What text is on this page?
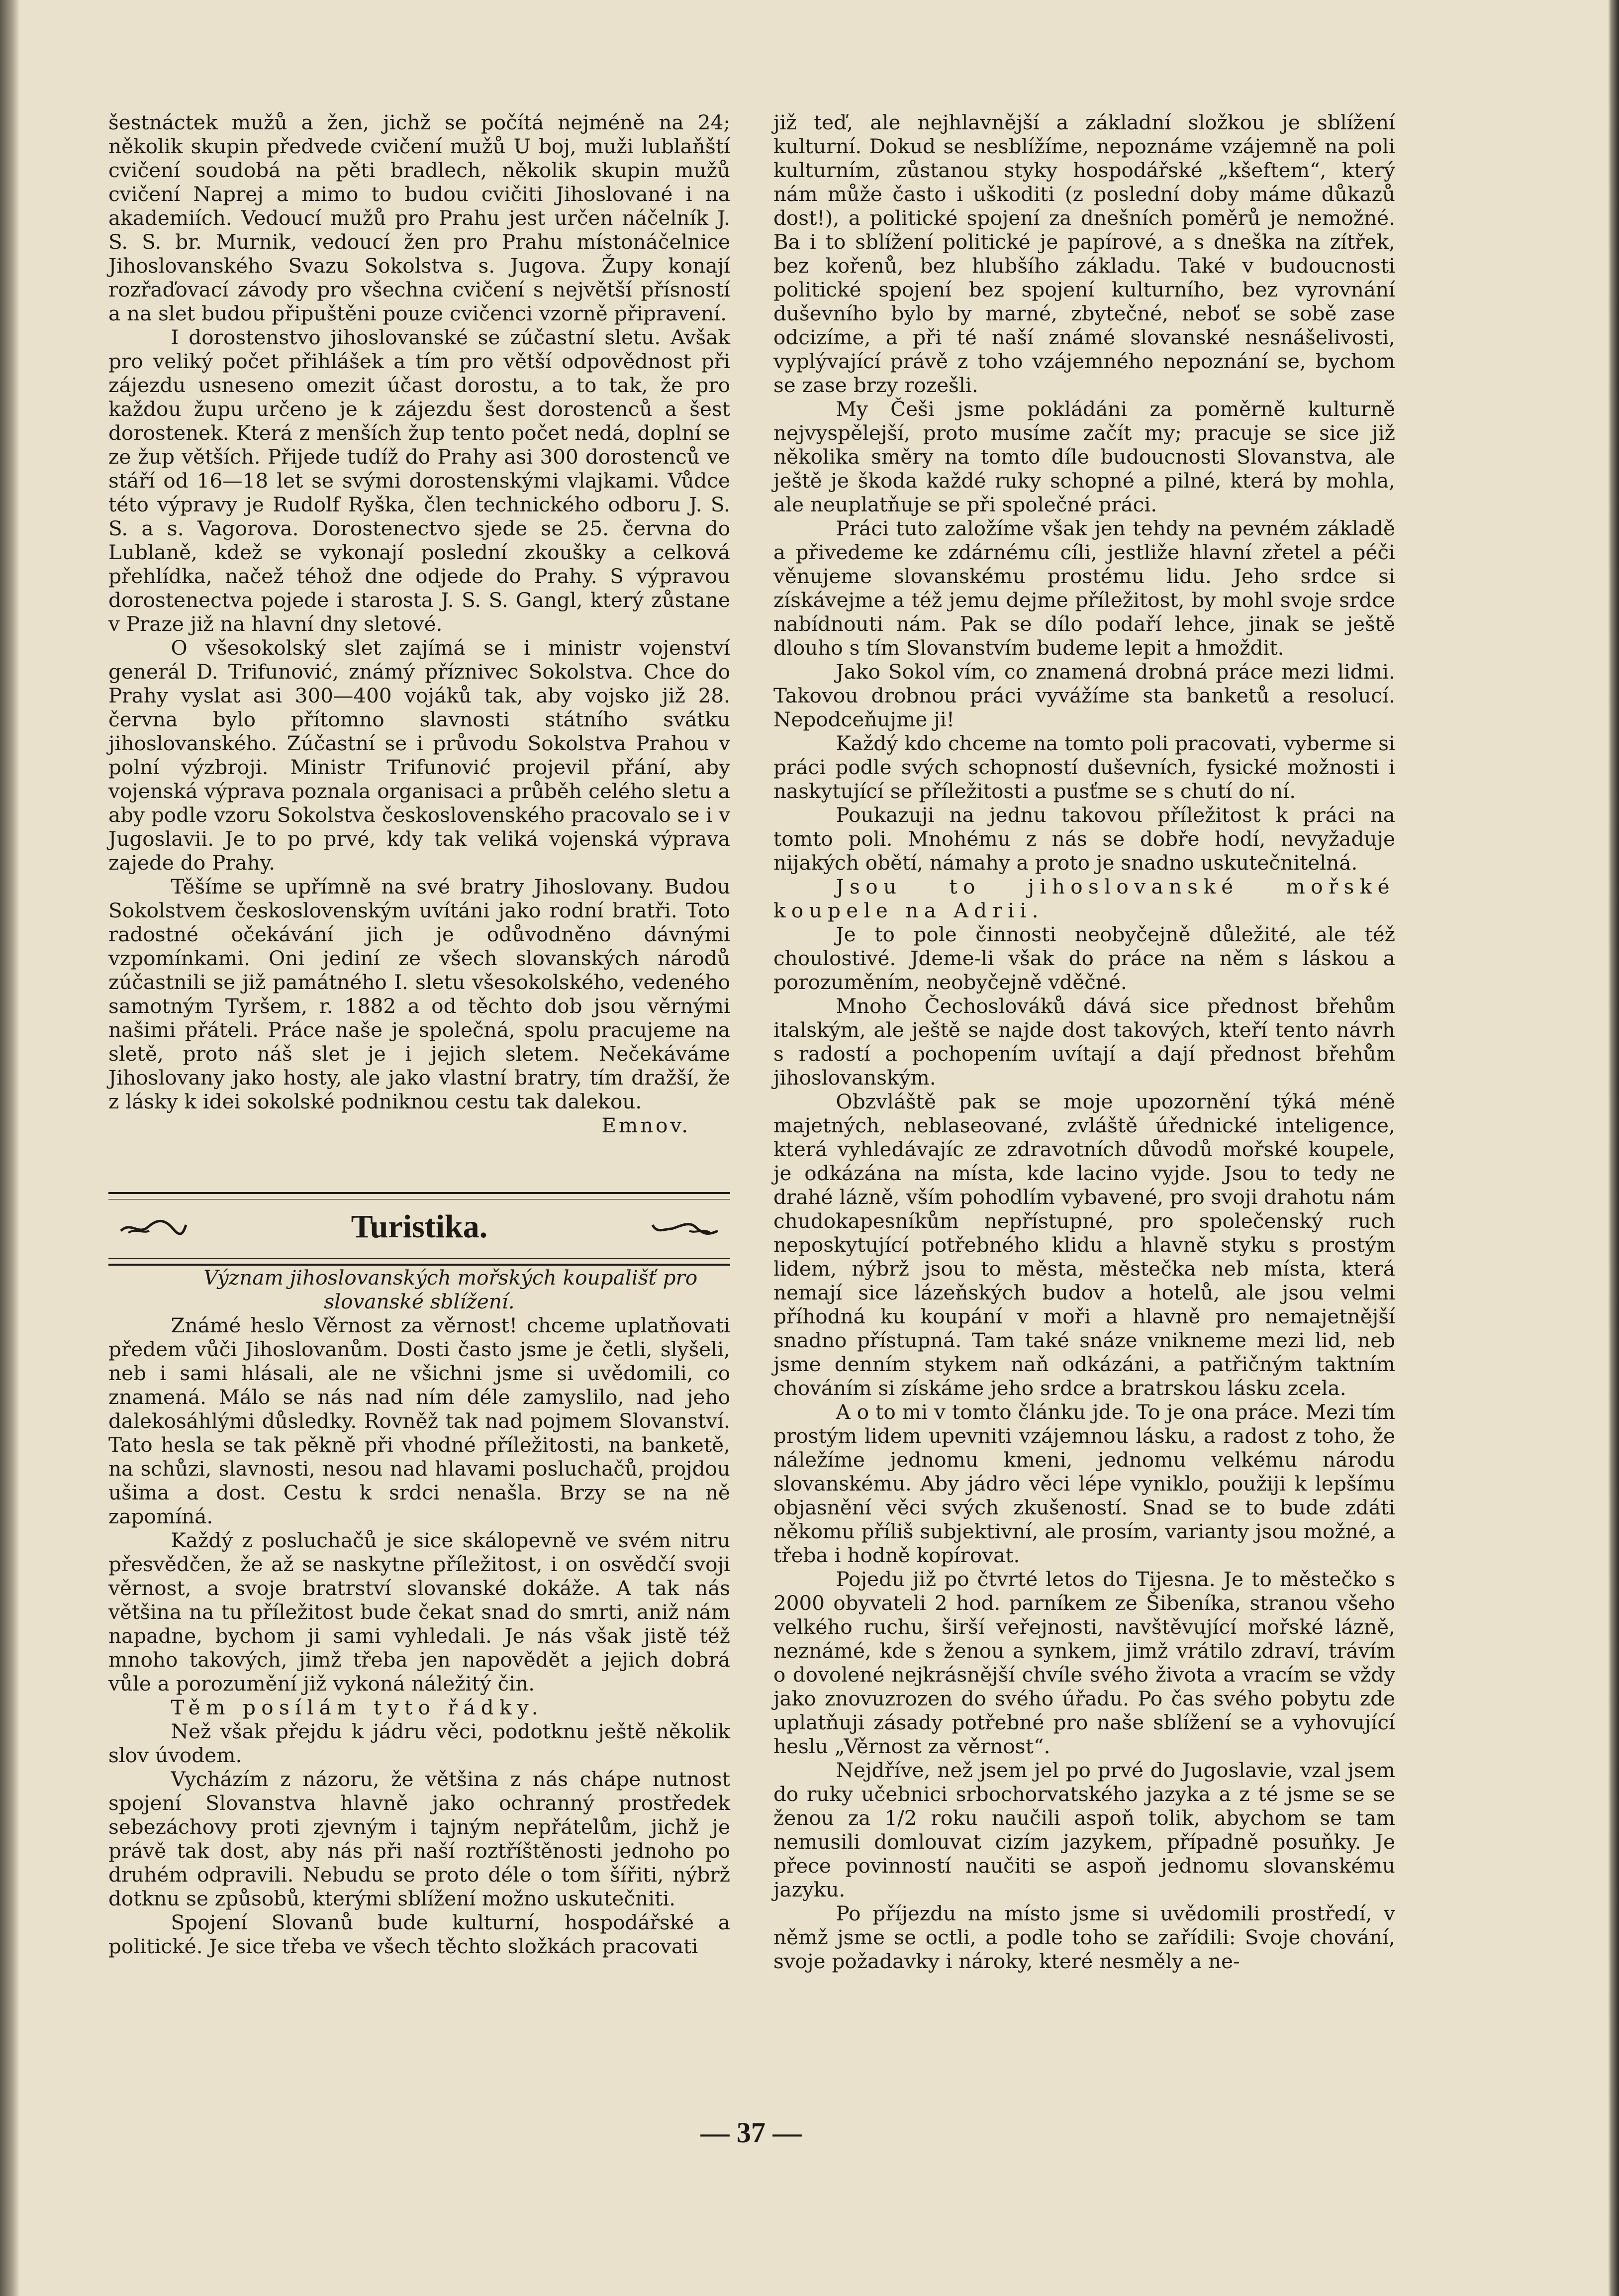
šestnáctek mužů a žen, jichž se počítá nejméně na 24; několik skupin předvede cvičení mužů U boj, muži lublaňští cvičení soudobá na pěti bradlech, několik skupin mužů cvičení Naprej a mimo to budou cvičiti Jihoslované i na akademiích. Vedoucí mužů pro Prahu jest určen náčelník J. S. S. br. Murnik, vedoucí žen pro Prahu místonáčelnice Jihoslovanského Svazu Sokolstva s. Jugova. Župy konají rozřaďovací závody pro všechna cvičení s největší přísností a na slet budou připuštěni pouze cvičenci vzorně připravení.

I dorostenstvo jihoslovanské se zúčastní sletu. Avšak pro veliký počet přihlášek a tím pro větší odpovědnost při zájezdu usneseno omezit účast dorostu, a to tak, že pro každou župu určeno je k zájezdu šest dorostenců a šest dorostenek. Která z menších žup tento počet nedá, doplní se ze žup větších. Přijede tudíž do Prahy asi 300 dorostenců ve stáří od 16—18 let se svými dorostenskými vlajkami. Vůdce této výpravy je Rudolf Ryška, člen technického odboru J. S. S. a s. Vagorova. Dorostenectvo sjede se 25. června do Lublaně, kdež se vykonají poslední zkoušky a celková přehlídka, načež téhož dne odjede do Prahy. S výpravou dorostenectva pojede i starosta J. S. S. Gangl, který zůstane v Praze již na hlavní dny sletové.

O všesokolský slet zajímá se i ministr vojenství generál D. Trifunović, známý příznivec Sokolstva. Chce do Prahy vyslat asi 300—400 vojáků tak, aby vojsko již 28. června bylo přítomno slavnosti státního svátku jihoslovanského. Zúčastní se i průvodu Sokolstva Prahou v polní výzbroji. Ministr Trifunović projevil přání, aby vojenská výprava poznala organisaci a průběh celého sletu a aby podle vzoru Sokolstva československého pracovalo se i v Jugoslavii. Je to po prvé, kdy tak veliká vojenská výprava zajede do Prahy.

Těšíme se upřímně na své bratry Jihoslovany. Budou Sokolstvem československým uvítáni jako rodní bratři. Toto radostné očekávání jich je odůvodněno dávnými vzpomínkami. Oni jediní ze všech slovanských národů zúčastnili se již památného I. sletu všesokolského, vedeného samotným Tyršem, r. 1882 a od těchto dob jsou věrnými našimi přáteli. Práce naše je společná, spolu pracujeme na sletě, proto náš slet je i jejich sletem. Nečekáváme Jihoslovany jako hosty, ale jako vlastní bratry, tím dražší, že z lásky k idei sokolské podniknou cestu tak dalekou.

Emnov.

Turistika.

Význam jihoslovanských mořských koupališť pro slovanské sblížení.

Známé heslo Věrnost za věrnost! chceme uplatňovati předem vůči Jihoslovanům. Dosti často jsme je četli, slyšeli, neb i sami hlásali, ale ne všichni jsme si uvědomili, co znamená. Málo se nás nad ním déle zamyslilo, nad jeho dalekosáhlými důsledky. Rovněž tak nad pojmem Slovanství. Tato hesla se tak pěkně při vhodné příležitosti, na banketě, na schůzi, slavnosti, nesou nad hlavami posluchačů, projdou ušima a dost. Cestu k srdci nenašla. Brzy se na ně zapomíná.

Každý z posluchačů je sice skálopevně ve svém nitru přesvědčen, že až se naskytne příležitost, i on osvědčí svoji věrnost, a svoje bratrství slovanské dokáže. A tak nás většina na tu příležitost bude čekat snad do smrti, aniž nám napadne, bychom ji sami vyhledali. Je nás však jistě též mnoho takových, jimž třeba jen napovědět a jejich dobrá vůle a porozumění již vykoná náležitý čin.

Těm posílám tyto řádky.

Než však přejdu k jádru věci, podotknu ještě několik slov úvodem.

Vycházím z názoru, že většina z nás chápe nutnost spojení Slovanstva hlavně jako ochranný prostředek sebezáchovy proti zjevným i tajným nepřátelům, jichž je právě tak dost, aby nás při naší roztříštěnosti jednoho po druhém odpravili. Nebudu se proto déle o tom šířiti, nýbrž dotknu se způsobů, kterými sblížení možno uskutečniti.

Spojení Slovanů bude kulturní, hospodářské a politické. Je sice třeba ve všech těchto složkách pracovati

již teď, ale nejhlavnější a základní složkou je sblížení kulturní. Dokud se nesblížíme, nepoznáme vzájemně na poli kulturním, zůstanou styky hospodářské „kšeftem“, který nám může často i uškoditi (z poslední doby máme důkazů dost!), a politické spojení za dnešních poměrů je nemožné. Ba i to sblížení politické je papírové, a s dneška na zítřek, bez kořenů, bez hlubšího základu. Také v budoucnosti politické spojení bez spojení kulturního, bez vyrovnání duševního bylo by marné, zbytečné, neboť se sobě zase odcizíme, a při té naší známé slovanské nesnášelivosti, vyplývající právě z toho vzájemného nepoznání se, bychom se zase brzy rozešli.

My Češi jsme pokládáni za poměrně kulturně nejvyspělejší, proto musíme začít my; pracuje se sice již několika směry na tomto díle budoucnosti Slovanstva, ale ještě je škoda každé ruky schopné a pilné, která by mohla, ale neuplatňuje se při společné práci.

Práci tuto založíme však jen tehdy na pevném základě a přivedeme ke zdárnému cíli, jestliže hlavní zřetel a péči věnujeme slovanskému prostému lidu. Jeho srdce si získávejme a též jemu dejme příležitost, by mohl svoje srdce nabídnouti nám. Pak se dílo podaří lehce, jinak se ještě dlouho s tím Slovanstvím budeme lepit a hmoždit.

Jako Sokol vím, co znamená drobná práce mezi lidmi. Takovou drobnou práci vyvážíme sta banketů a resolucí. Nepodceňujme ji!

Každý kdo chceme na tomto poli pracovati, vyberme si práci podle svých schopností duševních, fysické možnosti i naskytující se příležitosti a pusťme se s chutí do ní.

Poukazuji na jednu takovou příležitost k práci na tomto poli. Mnohému z nás se dobře hodí, nevyžaduje nijakých obětí, námahy a proto je snadno uskutečnitelná.

Jsou to jihoslovanské mořské koupele na Adrii.

Je to pole činnosti neobyčejně důležité, ale též choulostivé. Jdeme-li však do práce na něm s láskou a porozuměním, neobyčejně vděčné.

Mnoho Čechoslováků dává sice přednost břehům italským, ale ještě se najde dost takových, kteří tento návrh s radostí a pochopením uvítají a dají přednost břehům jihoslovanským.

Obzvláště pak se moje upozornění týká méně majetných, neblaseované, zvláště úřednické inteligence, která vyhledávajíc ze zdravotních důvodů mořské koupele, je odkázána na místa, kde lacino vyjde. Jsou to tedy ne drahé lázně, vším pohodlím vybavené, pro svoji drahotu nám chudokapesníkům nepřístupné, pro společenský ruch neposkytující potřebného klidu a hlavně styku s prostým lidem, nýbrž jsou to města, městečka neb místa, která nemají sice lázeňských budov a hotelů, ale jsou velmi příhodná ku koupání v moři a hlavně pro nemajetnější snadno přístupná. Tam také snáze vnikneme mezi lid, neb jsme denním stykem naň odkázáni, a patřičným taktním chováním si získáme jeho srdce a bratrskou lásku zcela.

A o to mi v tomto článku jde. To je ona práce. Mezi tím prostým lidem upevniti vzájemnou lásku, a radost z toho, že náležíme jednomu kmeni, jednomu velkému národu slovanskému. Aby jádro věci lépe vyniklo, použiji k lepšímu objasnění věci svých zkušeností. Snad se to bude zdáti někomu příliš subjektivní, ale prosím, varianty jsou možné, a třeba i hodně kopírovat.

Pojedu již po čtvrté letos do Tijesna. Je to městečko s 2000 obyvateli 2 hod. parníkem ze Šibeníka, stranou všeho velkého ruchu, širší veřejnosti, navštěvující mořské lázně, neznámé, kde s ženou a synkem, jimž vrátilo zdraví, trávím o dovolené nejkrásnější chvíle svého života a vracím se vždy jako znovuzrozen do svého úřadu. Po čas svého pobytu zde uplatňuji zásady potřebné pro naše sblížení se a vyhovující heslu „Věrnost za věrnost“.

Nejdříve, než jsem jel po prvé do Jugoslavie, vzal jsem do ruky učebnici srbochorvatského jazyka a z té jsme se se ženou za 1/2 roku naučili aspoň tolik, abychom se tam nemusili domlouvat cizím jazykem, případně posuňky. Je přece povinností naučiti se aspoň jednomu slovanskému jazyku.

Po příjezdu na místo jsme si uvědomili prostředí, v němž jsme se octli, a podle toho se zařídili: Svoje chování, svoje požadavky i nároky, které nesměly a ne-

— 37 —
